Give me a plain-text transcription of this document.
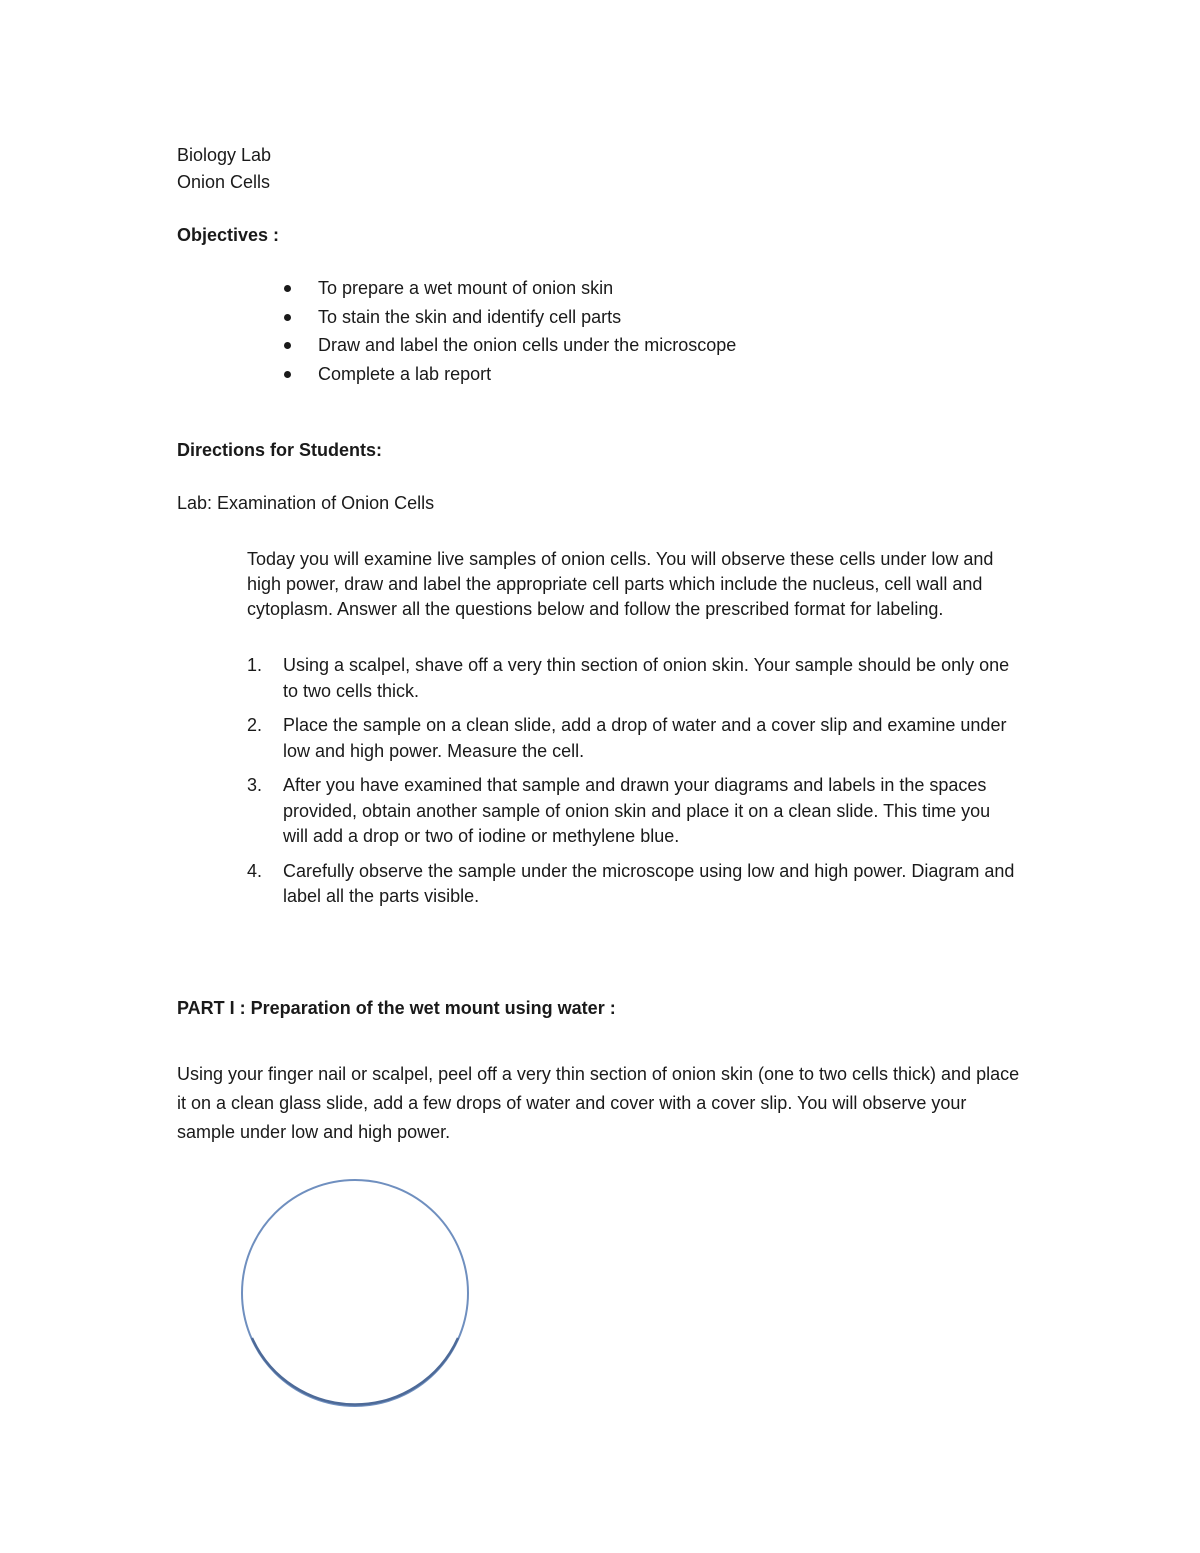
Biology Lab
Onion Cells
Objectives :
To prepare a wet mount of onion skin
To stain the skin and identify cell parts
Draw and label the onion cells under the microscope
Complete a lab report
Directions for Students:
Lab: Examination of Onion Cells
Today you will examine live samples of onion cells. You will observe these cells under low and high power, draw and label the appropriate cell parts which include the nucleus, cell wall and cytoplasm. Answer all the questions below and follow the prescribed format for labeling.
1. Using a scalpel, shave off a very thin section of onion skin. Your sample should be only one to two cells thick.
2. Place the sample on a clean slide, add a drop of water and a cover slip and examine under low and high power. Measure the cell.
3. After you have examined that sample and drawn your diagrams and labels in the spaces provided, obtain another sample of onion skin and place it on a clean slide. This time you will add a drop or two of iodine or methylene blue.
4. Carefully observe the sample under the microscope using low and high power. Diagram and label all the parts visible.
PART I : Preparation of the wet mount using water :
Using your finger nail or scalpel, peel off a very thin section of onion skin (one to two cells thick) and place it on a clean glass slide, add a few drops of water and cover with a cover slip. You will observe your sample under low and high power.
